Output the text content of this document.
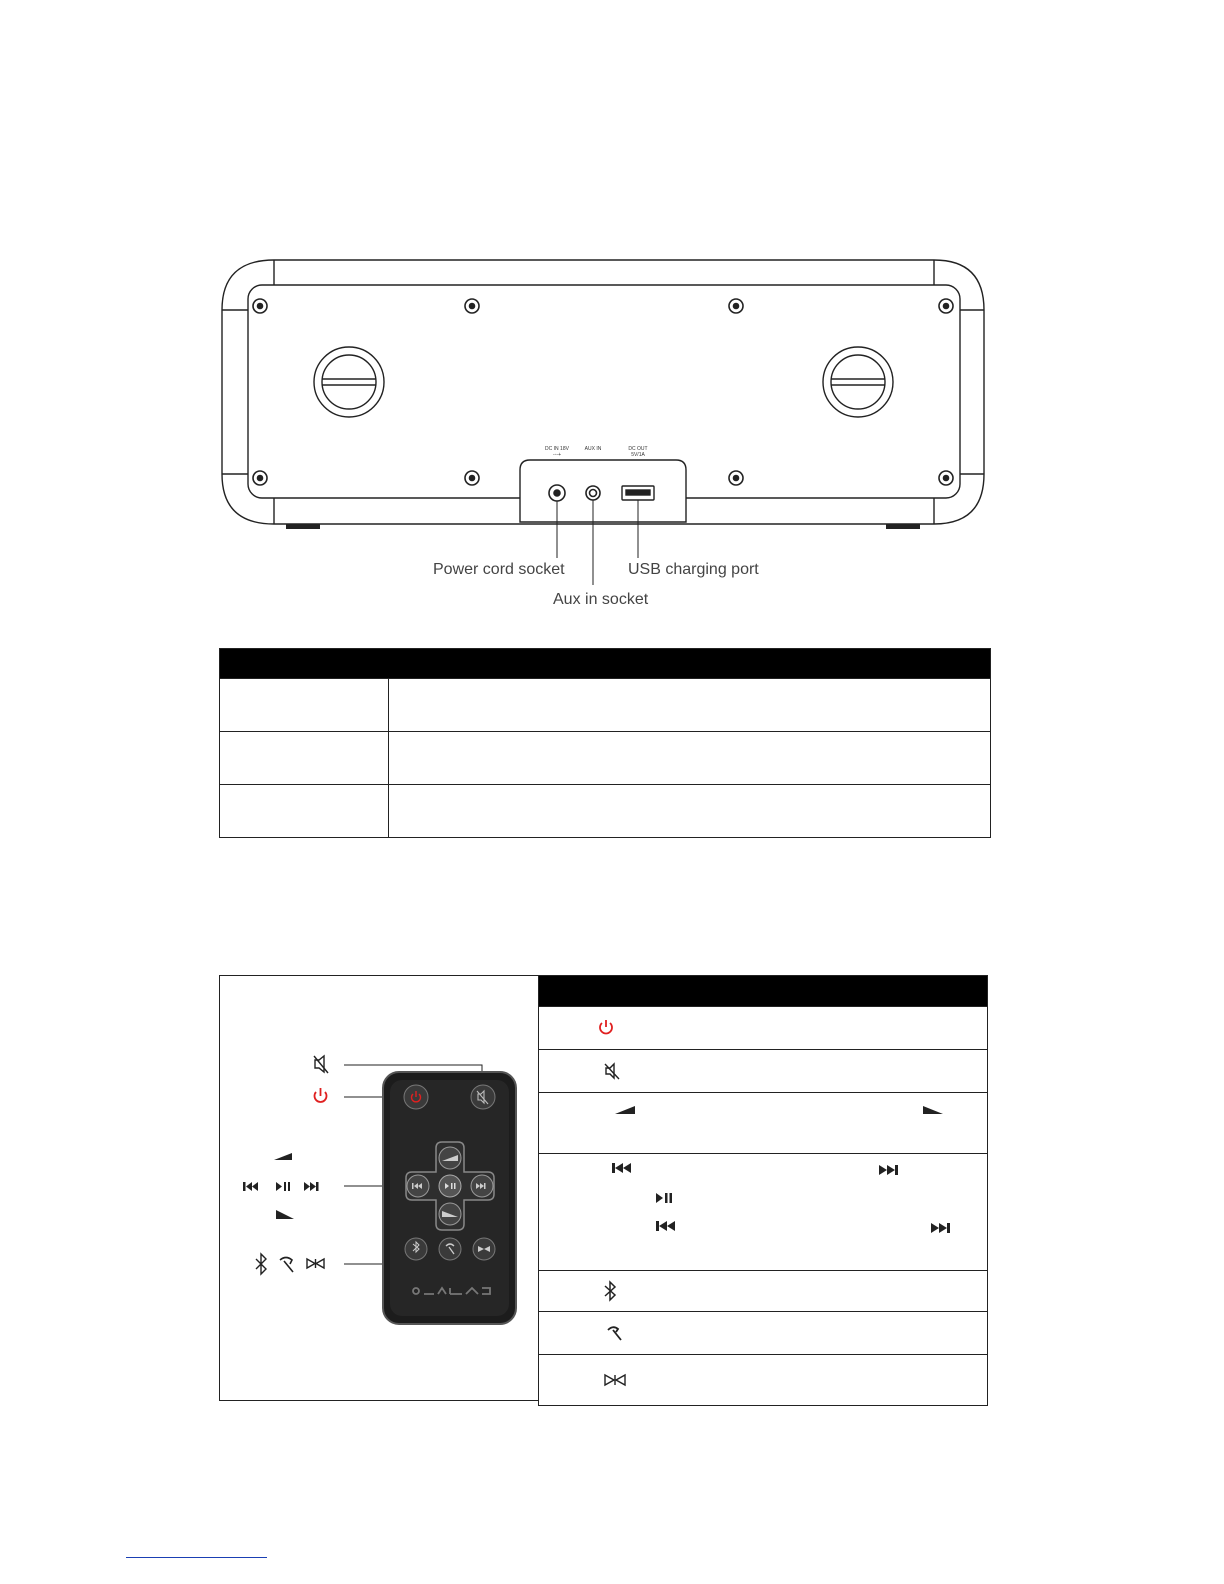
DC IN 18V
-◦-+
AUX IN	DC OUT
5V/1A
Power cord socket
Aux in socket
USB charging port
